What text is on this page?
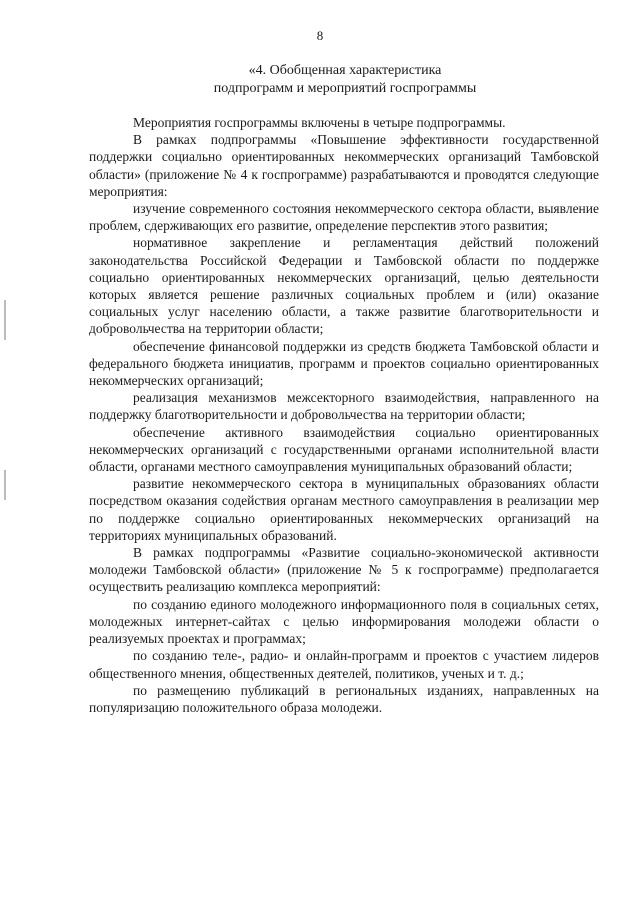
8
«4. Обобщенная характеристика
подпрограмм и мероприятий госпрограммы

Мероприятия госпрограммы включены в четыре подпрограммы.

В рамках подпрограммы «Повышение эффективности государственной поддержки социально ориентированных некоммерческих организаций Тамбовской области» (приложение № 4 к госпрограмме) разрабатываются и проводятся следующие мероприятия:

изучение современного состояния некоммерческого сектора области, выявление проблем, сдерживающих его развитие, определение перспектив этого развития;

нормативное закрепление и регламентация действий положений законодательства Российской Федерации и Тамбовской области по поддержке социально ориентированных некоммерческих организаций, целью деятельности которых является решение различных социальных проблем и (или) оказание социальных услуг населению области, а также развитие благотворительности и добровольчества на территории области;

обеспечение финансовой поддержки из средств бюджета Тамбовской области и федерального бюджета инициатив, программ и проектов социально ориентированных некоммерческих организаций;

реализация механизмов межсекторного взаимодействия, направленного на поддержку благотворительности и добровольчества на территории области;

обеспечение активного взаимодействия социально ориентированных некоммерческих организаций с государственными органами исполнительной власти области, органами местного самоуправления муниципальных образований области;

развитие некоммерческого сектора в муниципальных образованиях области посредством оказания содействия органам местного самоуправления в реализации мер по поддержке социально ориентированных некоммерческих организаций на территориях муниципальных образований.

В рамках подпрограммы «Развитие социально-экономической активности молодежи Тамбовской области» (приложение № 5 к госпрограмме) предполагается осуществить реализацию комплекса мероприятий:

по созданию единого молодежного информационного поля в социальных сетях, молодежных интернет-сайтах с целью информирования молодежи области о реализуемых проектах и программах;

по созданию теле-, радио- и онлайн-программ и проектов с участием лидеров общественного мнения, общественных деятелей, политиков, ученых и т. д.;

по размещению публикаций в региональных изданиях, направленных на популяризацию положительного образа молодежи.
